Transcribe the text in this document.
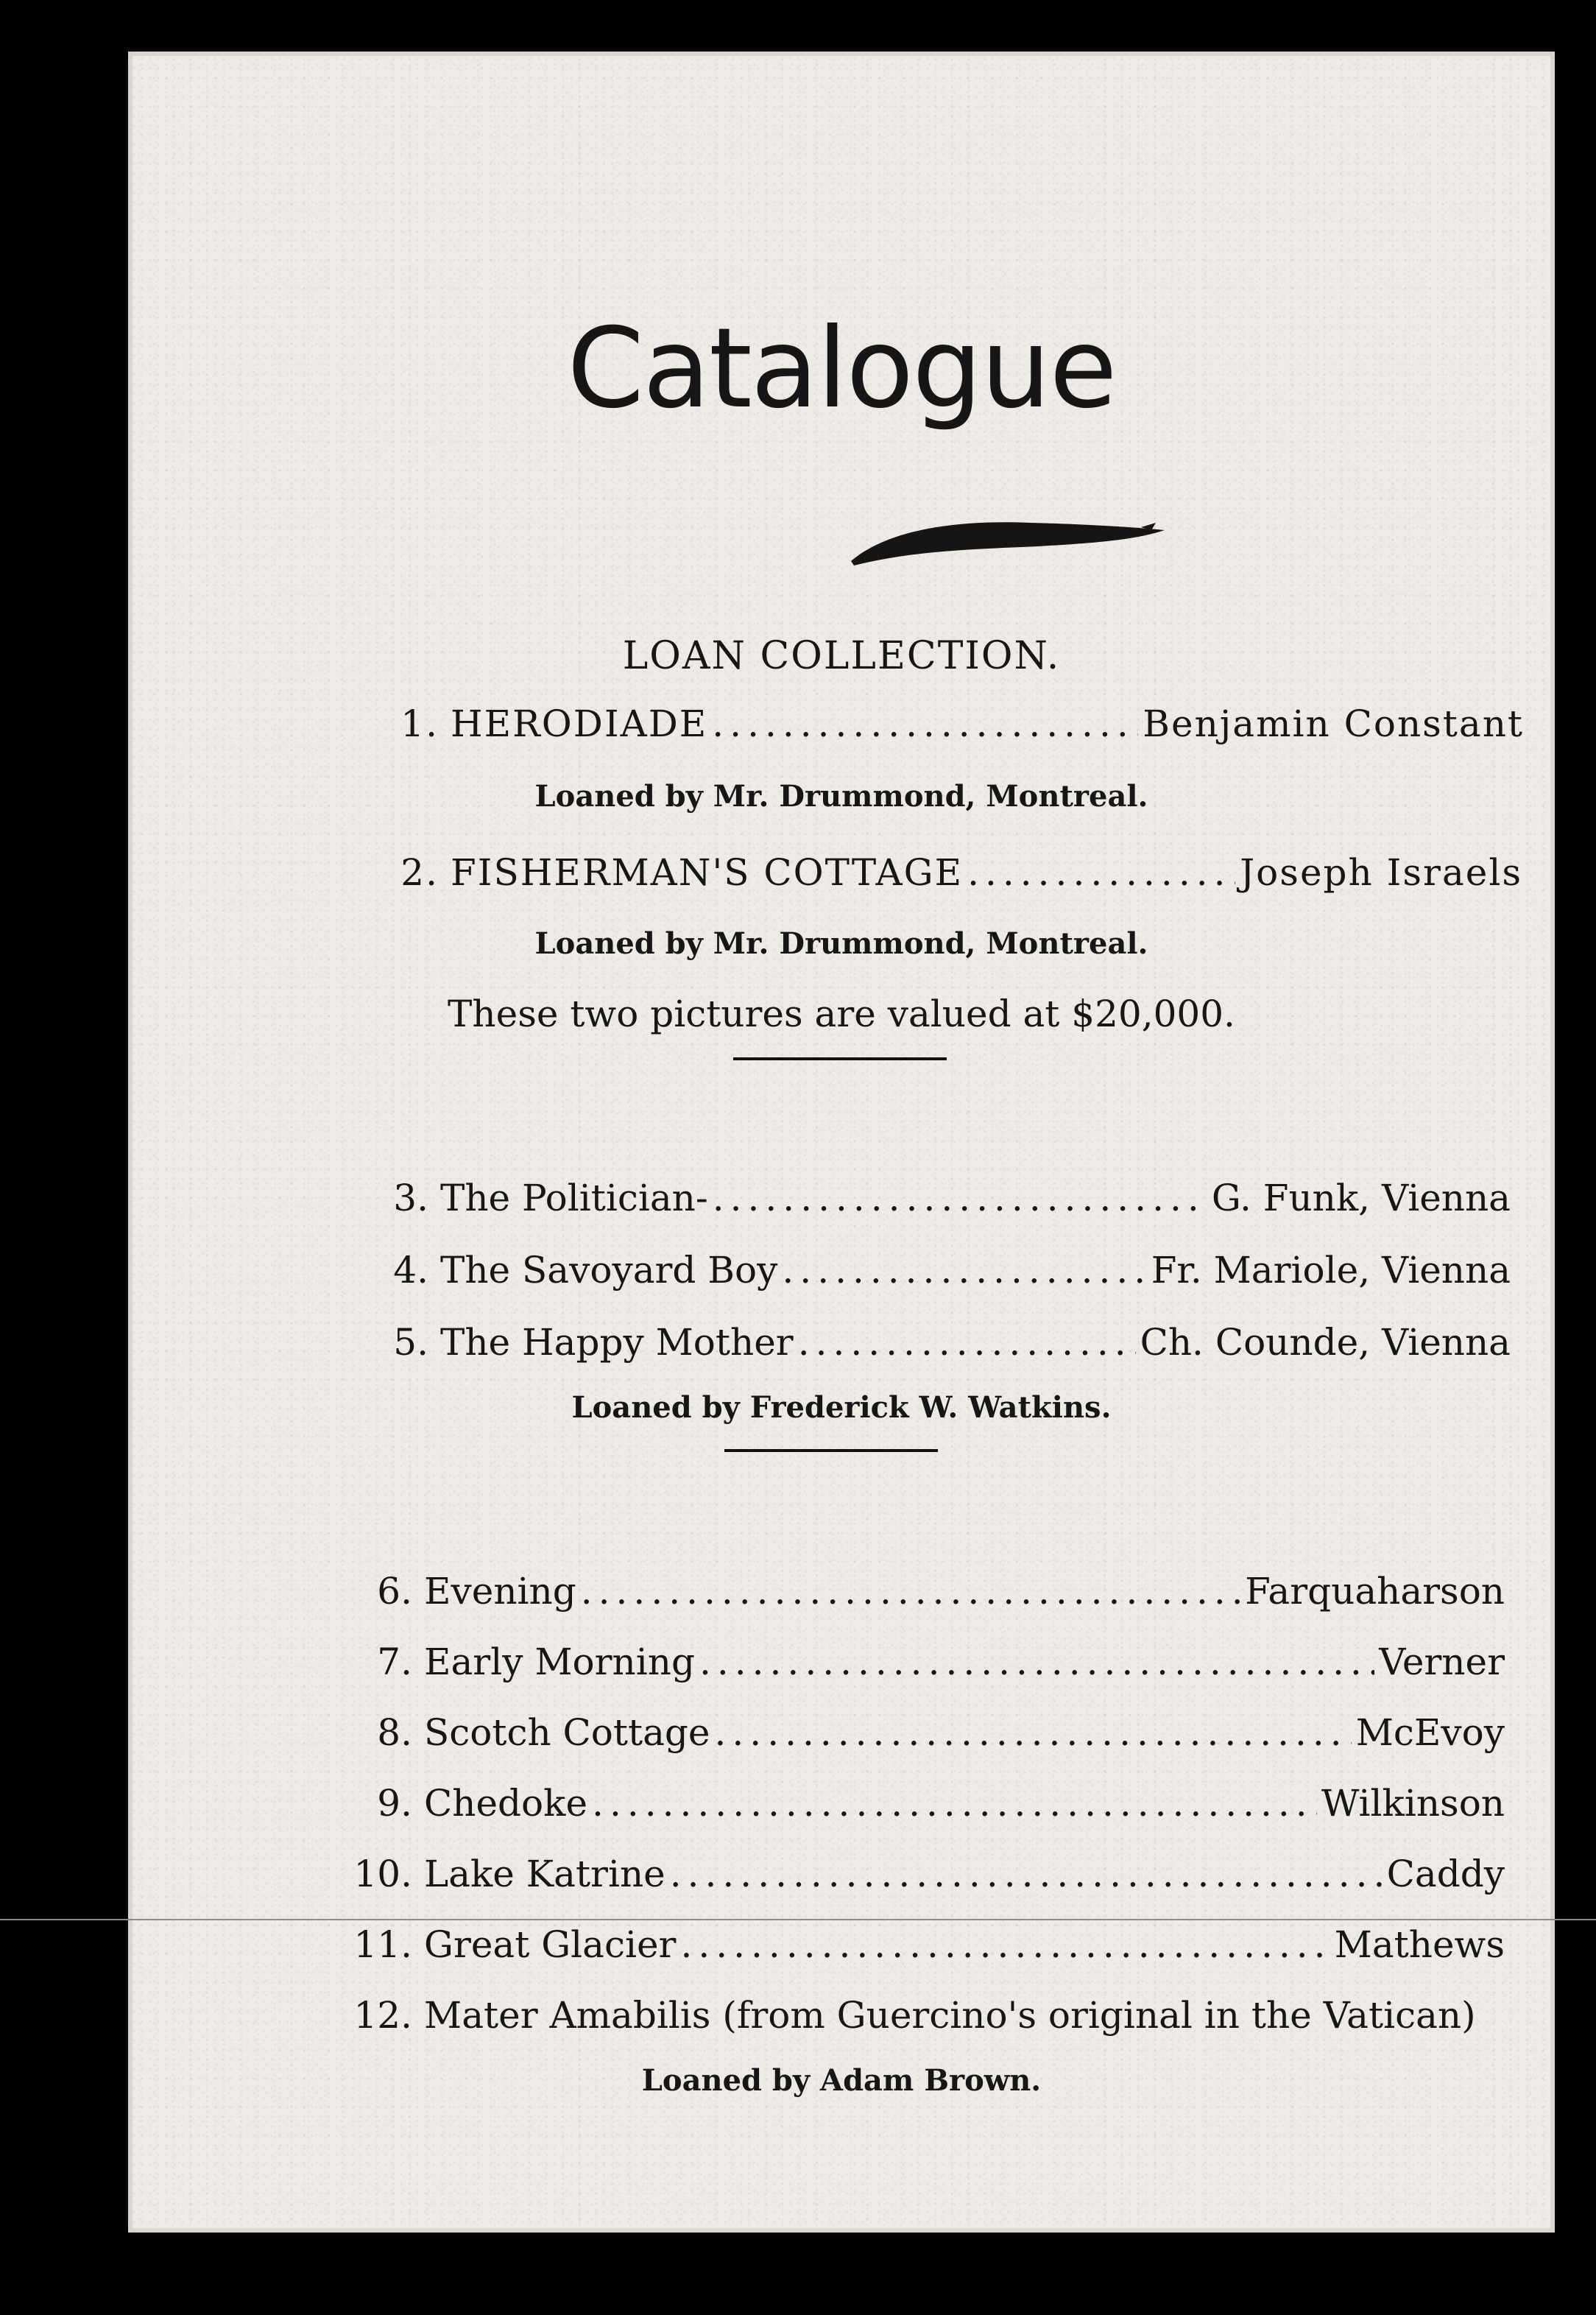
Catalogue
LOAN COLLECTION.
1. HERODIADE .....	Benjamin Constant
Loaned by Mr. Drummond, Montreal.
2. FISHERMAN'S COTTAGE .....	Joseph Israels
Loaned by Mr. Drummond, Montreal.
These two pictures are valued at $20,000.
3. The Politician- .....	G. Funk, Vienna
4. The Savoyard Boy .....	Fr. Mariole, Vienna
5. The Happy Mother .....	Ch. Counde, Vienna
Loaned by Frederick W. Watkins.
6. Evening .....	Farquaharson
7. Early Morning .....	Verner
8. Scotch Cottage .....	McEvoy
9. Chedoke .....	Wilkinson
10. Lake Katrine .....	Caddy
11. Great Glacier .....	Mathews
12. Mater Amabilis (from Guercino's original in the Vatican)
Loaned by Adam Brown.
